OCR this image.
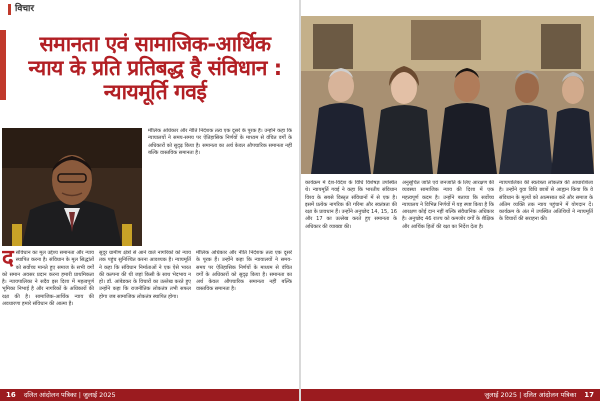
विचार
समानता एवं सामाजिक-आर्थिक न्याय के प्रति प्रतिबद्ध है संविधान : न्यायमूर्ति गवई
द संविधान का मूल उद्देश्य समानता और न्याय स्थापित करना है। संविधान के मूल सिद्धांतों को सर्वोच्च मानते हुए समाज के सभी वर्गों को समान अवसर प्रदान करना हमारी प्राथमिकता है। न्यायपालिका ने सदैव इस दिशा में महत्वपूर्ण भूमिका निभाई है और नागरिकों के अधिकारों की रक्षा की है। सामाजिक-आर्थिक न्याय की अवधारणा हमारे संविधान की आत्मा है।
सुदूर ग्रामीण क्षेत्रों से आने वाले नागरिकों को न्याय तक पहुंच सुनिश्चित करना आवश्यक है। न्यायमूर्ति ने कहा कि संविधान निर्माताओं ने एक ऐसे भारत की कल्पना की थी जहां किसी के साथ भेदभाव न हो। डॉ. आंबेडकर के विचारों का उल्लेख करते हुए उन्होंने कहा कि राजनीतिक लोकतंत्र तभी सफल होगा जब सामाजिक लोकतंत्र स्थापित होगा।
मौलिक अधिकार और नीति निर्देशक तत्व एक दूसरे के पूरक हैं। उन्होंने कहा कि न्यायालयों ने समय-समय पर ऐतिहासिक निर्णयों के माध्यम से वंचित वर्गों के अधिकारों को सुदृढ़ किया है। समानता का अर्थ केवल औपचारिक समानता नहीं बल्कि वास्तविक समानता है।
मौलिक अधिकार और नीति निर्देशक तत्व एक दूसरे के पूरक हैं। उन्होंने कहा कि न्यायालयों ने समय-समय पर ऐतिहासिक निर्णयों के माध्यम से वंचित वर्गों के अधिकारों को सुदृढ़ किया है। समानता का अर्थ केवल औपचारिक समानता नहीं बल्कि वास्तविक समानता है।
16 दलित आंदोलन पत्रिका | जुलाई 2025
कार्यक्रम में देश-विदेश के विधि विशेषज्ञ उपस्थित थे। न्यायमूर्ति गवई ने कहा कि भारतीय संविधान विश्व के सबसे विस्तृत संविधानों में से एक है। इसमें प्रत्येक नागरिक की गरिमा और स्वतंत्रता की रक्षा के प्रावधान हैं। उन्होंने अनुच्छेद 14, 15, 16 और 17 का उल्लेख करते हुए समानता के अधिकार की व्याख्या की।
अनुसूचित जाति एवं जनजाति के लिए आरक्षण की व्यवस्था सामाजिक न्याय की दिशा में एक महत्वपूर्ण कदम है। उन्होंने बताया कि सर्वोच्च न्यायालय ने विभिन्न निर्णयों में यह स्पष्ट किया है कि आरक्षण कोई दान नहीं बल्कि संवैधानिक अधिकार है। अनुच्छेद 46 राज्य को कमजोर वर्गों के शैक्षिक और आर्थिक हितों की रक्षा का निर्देश देता है।
न्यायपालिका की स्वतंत्रता लोकतंत्र की आधारशिला है। उन्होंने युवा विधि छात्रों से आह्वान किया कि वे संविधान के मूल्यों को आत्मसात करें और समाज के अंतिम व्यक्ति तक न्याय पहुंचाने में योगदान दें। कार्यक्रम के अंत में उपस्थित अतिथियों ने न्यायमूर्ति के विचारों की सराहना की।
जुलाई 2025 | दलित आंदोलन पत्रिका 17
